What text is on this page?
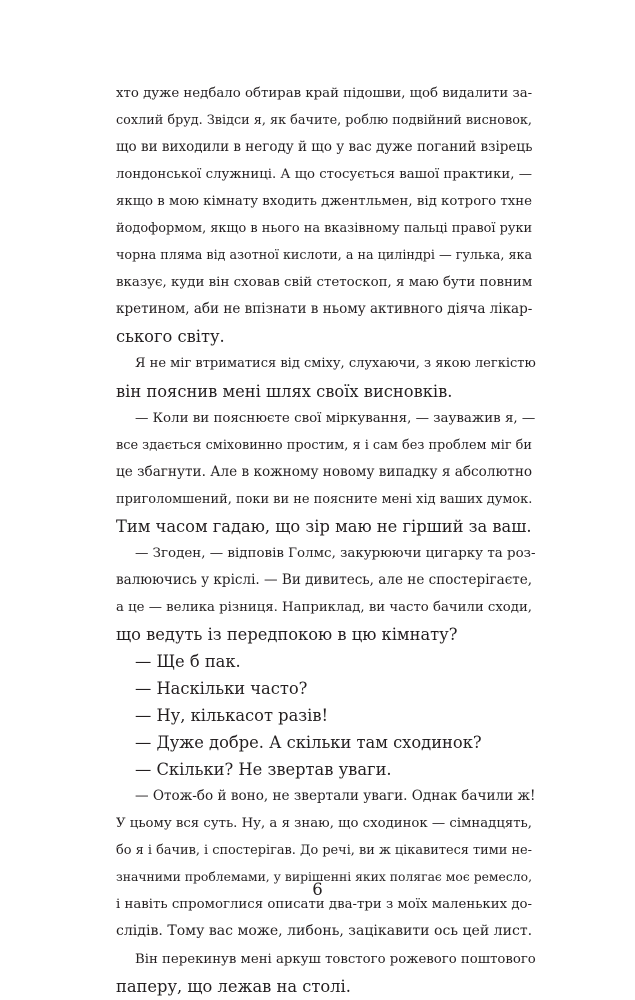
хто дуже недбало обтирав край підошви, щоб видалити за-
сохлий бруд. Звідси я, як бачите, роблю подвійний висновок,
що ви виходили в негоду й що у вас дуже поганий взірець
лондонської служниці. А що стосується вашої практики, —
якщо в мою кімнату входить джентльмен, від котрого тхне
йодоформом, якщо в нього на вказівному пальці правої руки
чорна пляма від азотної кислоти, а на циліндрі — гулька, яка
вказує, куди він сховав свій стетоскоп, я маю бути повним
кретином, аби не впізнати в ньому активного діяча лікар-
ського світу.
Я не міг втриматися від сміху, слухаючи, з якою легкістю
він пояснив мені шлях своїх висновків.
— Коли ви пояснюєте свої міркування, — зауважив я, —
все здається сміховинно простим, я і сам без проблем міг би
це збагнути. Але в кожному новому випадку я абсолютно
приголомшений, поки ви не поясните мені хід ваших думок.
Тим часом гадаю, що зір маю не гірший за ваш.
— Згоден, — відповів Голмс, закурюючи цигарку та роз-
валюючись у кріслі. — Ви дивитесь, але не спостерігаєте,
а це — велика різниця. Наприклад, ви часто бачили сходи,
що ведуть із передпокою в цю кімнату?
— Ще б пак.
— Наскільки часто?
— Ну, кількасот разів!
— Дуже добре. А скільки там сходинок?
— Скільки? Не звертав уваги.
— Отож-бо й воно, не звертали уваги. Однак бачили ж!
У цьому вся суть. Ну, а я знаю, що сходинок — сімнадцять,
бо я і бачив, і спостерігав. До речі, ви ж цікавитеся тими не-
значними проблемами, у вирішенні яких полягає моє ремесло,
і навіть спромоглися описати два-три з моїх маленьких до-
слідів. Тому вас може, либонь, зацікавити ось цей лист.
Він перекинув мені аркуш товстого рожевого поштового
паперу, що лежав на столі.
6
